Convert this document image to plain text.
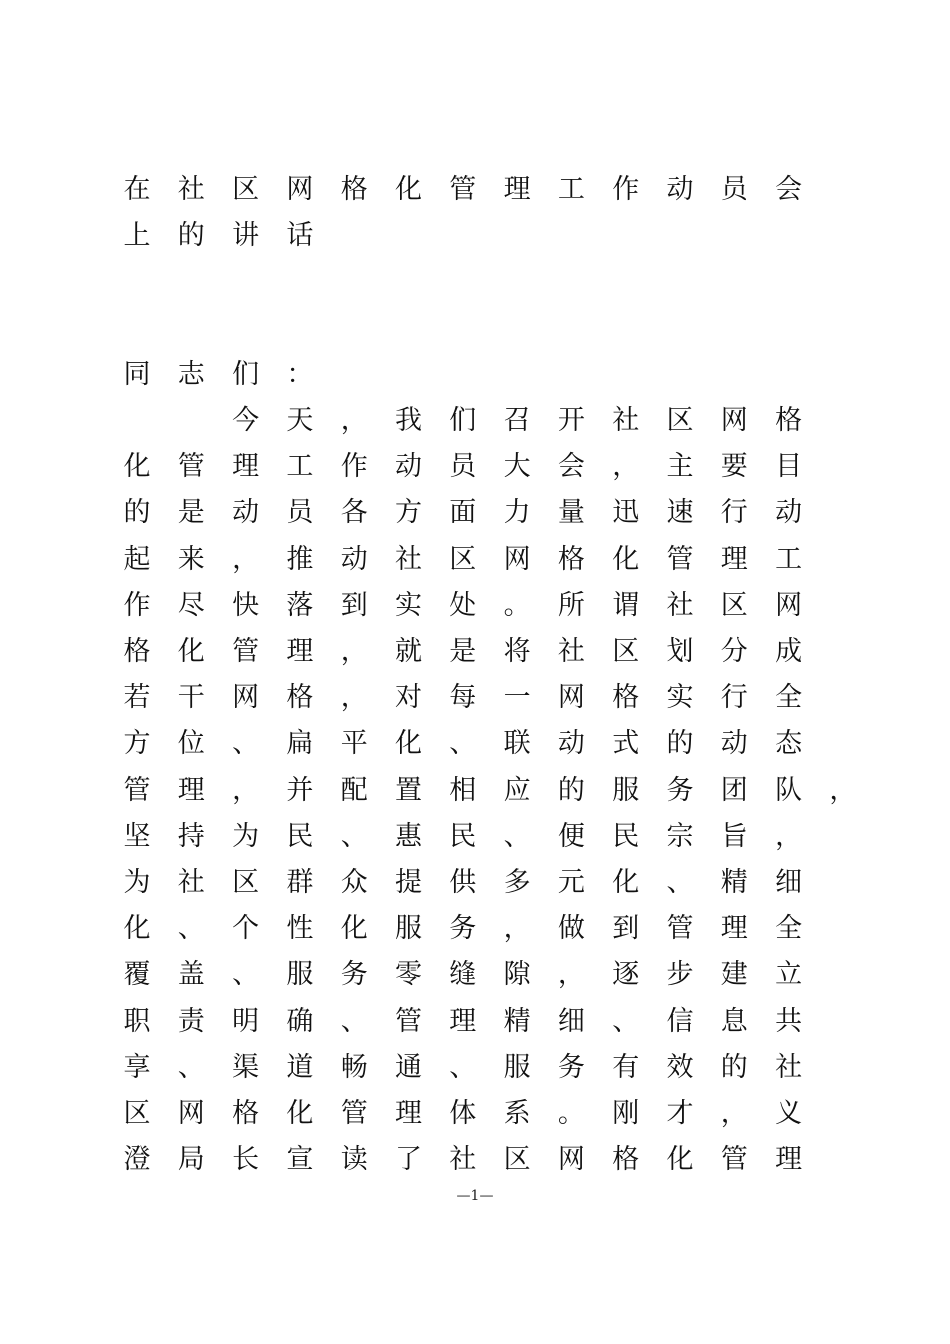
在 社 区 网 格 化 管 理 工 作 动 员 会
上 的 讲 话
同 志 们 ：
今 天 ， 我 们 召 开 社 区 网 格
化 管 理 工 作 动 员 大 会 ， 主 要 目
的 是 动 员 各 方 面 力 量 迅 速 行 动
起 来 ， 推 动 社 区 网 格 化 管 理 工
作 尽 快 落 到 实 处 。 所 谓 社 区 网
格 化 管 理 ， 就 是 将 社 区 划 分 成
若 干 网 格 ， 对 每 一 网 格 实 行 全
方 位 、 扁 平 化 、 联 动 式 的 动 态
管 理 ， 并 配 置 相 应 的 服 务 团 队 ，
坚 持 为 民 、 惠 民 、 便 民 宗 旨 ，
为 社 区 群 众 提 供 多 元 化 、 精 细
化 、 个 性 化 服 务 ， 做 到 管 理 全
覆 盖 、 服 务 零 缝 隙 ， 逐 步 建 立
职 责 明 确 、 管 理 精 细 、 信 息 共
享 、 渠 道 畅 通 、 服 务 有 效 的 社
区 网 格 化 管 理 体 系 。 刚 才 ， 义
澄 局 长 宣 读 了 社 区 网 格 化 管 理
—1—
